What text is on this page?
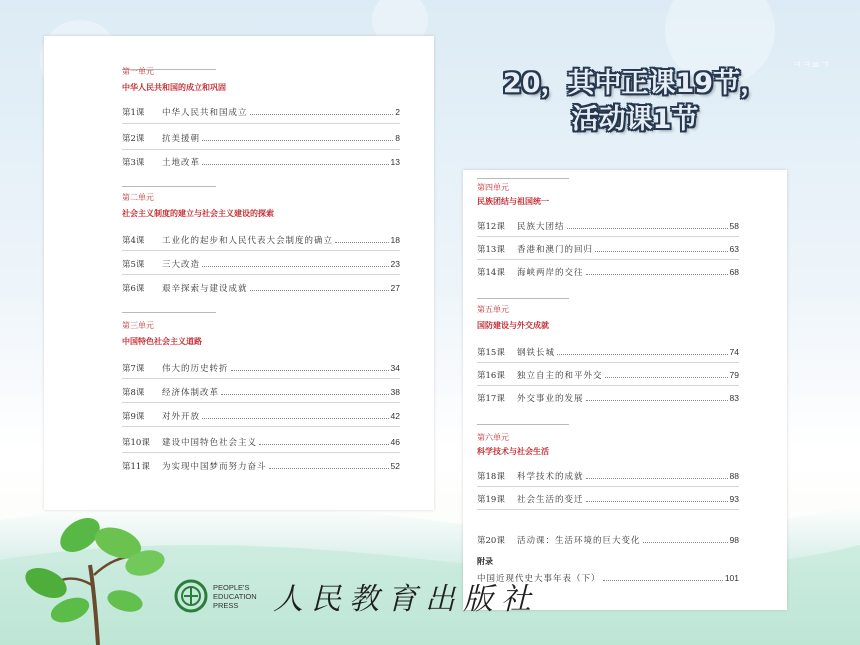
第一单元
中华人民共和国的成立和巩固
第1课	中华人民共和国成立	2
第2课	抗美援朝	8
第3课	土地改革	13
第二单元
社会主义制度的建立与社会主义建设的探索
第4课	工业化的起步和人民代表大会制度的确立	18
第5课	三大改造	23
第6课	艰辛探索与建设成就	27
第三单元
中国特色社会主义道路
第7课	伟大的历史转折	34
第8课	经济体制改革	38
第9课	对外开放	42
第10课	建设中国特色社会主义	46
第11课	为实现中国梦而努力奋斗	52
第四单元
民族团结与祖国统一
第12课	民族大团结	58
第13课	香港和澳门的回归	63
第14课	海峡两岸的交往	68
第五单元
国防建设与外交成就
第15课	钢铁长城	74
第16课	独立自主的和平外交	79
第17课	外交事业的发展	83
第六单元
科学技术与社会生活
第18课	科学技术的成就	88
第19课	社会生活的变迁	93
第20课	活动课：生活环境的巨大变化	98
附录
中国近现代史大事年表（下）	101
20，其中正课19节，
活动课1节
ㅋㅋ≡ㄱ
PEOPLE'S EDUCATION PRESS	人民教育出版社
